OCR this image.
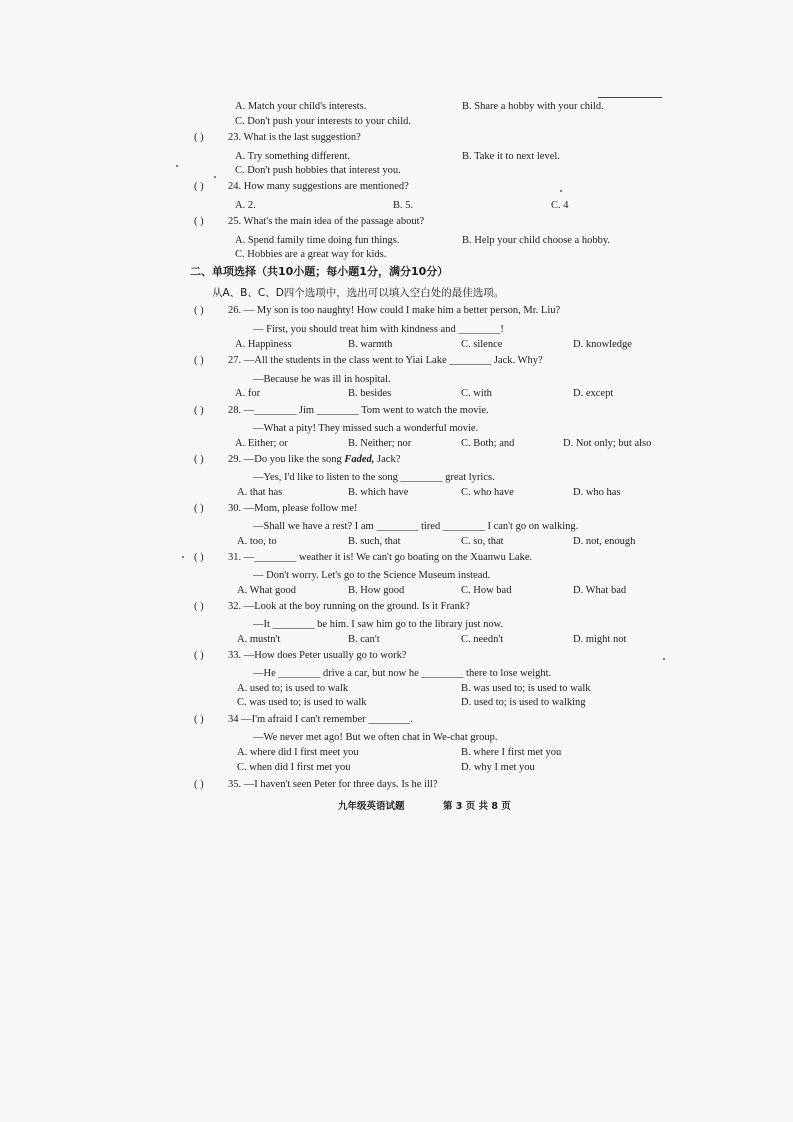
A. Match your child's interests.	B. Share a hobby with your child.
C. Don't push your interests to your child.
( ) 23. What is the last suggestion?
A. Try something different.	B. Take it to next level.
C. Don't push hobbies that interest you.
( ) 24. How many suggestions are mentioned?
A. 2.	B. 5.	C. 4
( ) 25. What's the main idea of the passage about?
A. Spend family time doing fun things.	B. Help your child choose a hobby.
C. Hobbies are a great way for kids.
二、单项选择（共10小题；每小题1分，满分10分）
从A、B、C、D四个选项中，选出可以填入空白处的最佳选项。
( ) 26. — My son is too naughty! How could I make him a better person, Mr. Liu?
— First, you should treat him with kindness and ________!
A. Happiness	B. warmth	C. silence	D. knowledge
( ) 27. —All the students in the class went to Yiai Lake ________ Jack. Why?
—Because he was ill in hospital.
A. for	B. besides	C. with	D. except
( ) 28. —________ Jim ________ Tom went to watch the movie.
—What a pity! They missed such a wonderful movie.
A. Either; or	B. Neither; nor	C. Both; and	D. Not only; but also
( ) 29. —Do you like the song Faded, Jack?
—Yes, I'd like to listen to the song ________ great lyrics.
A. that has	B. which have	C. who have	D. who has
( ) 30. —Mom, please follow me!
—Shall we have a rest? I am ________ tired ________ I can't go on walking.
A. too, to	B. such, that	C. so, that	D. not, enough
( ) 31. —________ weather it is! We can't go boating on the Xuanwu Lake.
— Don't worry. Let's go to the Science Museum instead.
A. What good	B. How good	C. How bad	D. What bad
( ) 32. —Look at the boy running on the ground. Is it Frank?
—It ________ be him. I saw him go to the library just now.
A. mustn't	B. can't	C. needn't	D. might not
( ) 33. —How does Peter usually go to work?
—He ________ drive a car, but now he ________ there to lose weight.
A. used to; is used to walk	B. was used to; is used to walk
C. was used to; is used to walk	D. used to; is used to walking
( ) 34 —I'm afraid I can't remember ________.
—We never met ago! But we often chat in We-chat group.
A. where did I first meet you	B. where I first met you
C. when did I first met you	D. why I met you
( ) 35. —I haven't seen Peter for three days. Is he ill?
九年级英语试题	第 3 页 共 8 页
